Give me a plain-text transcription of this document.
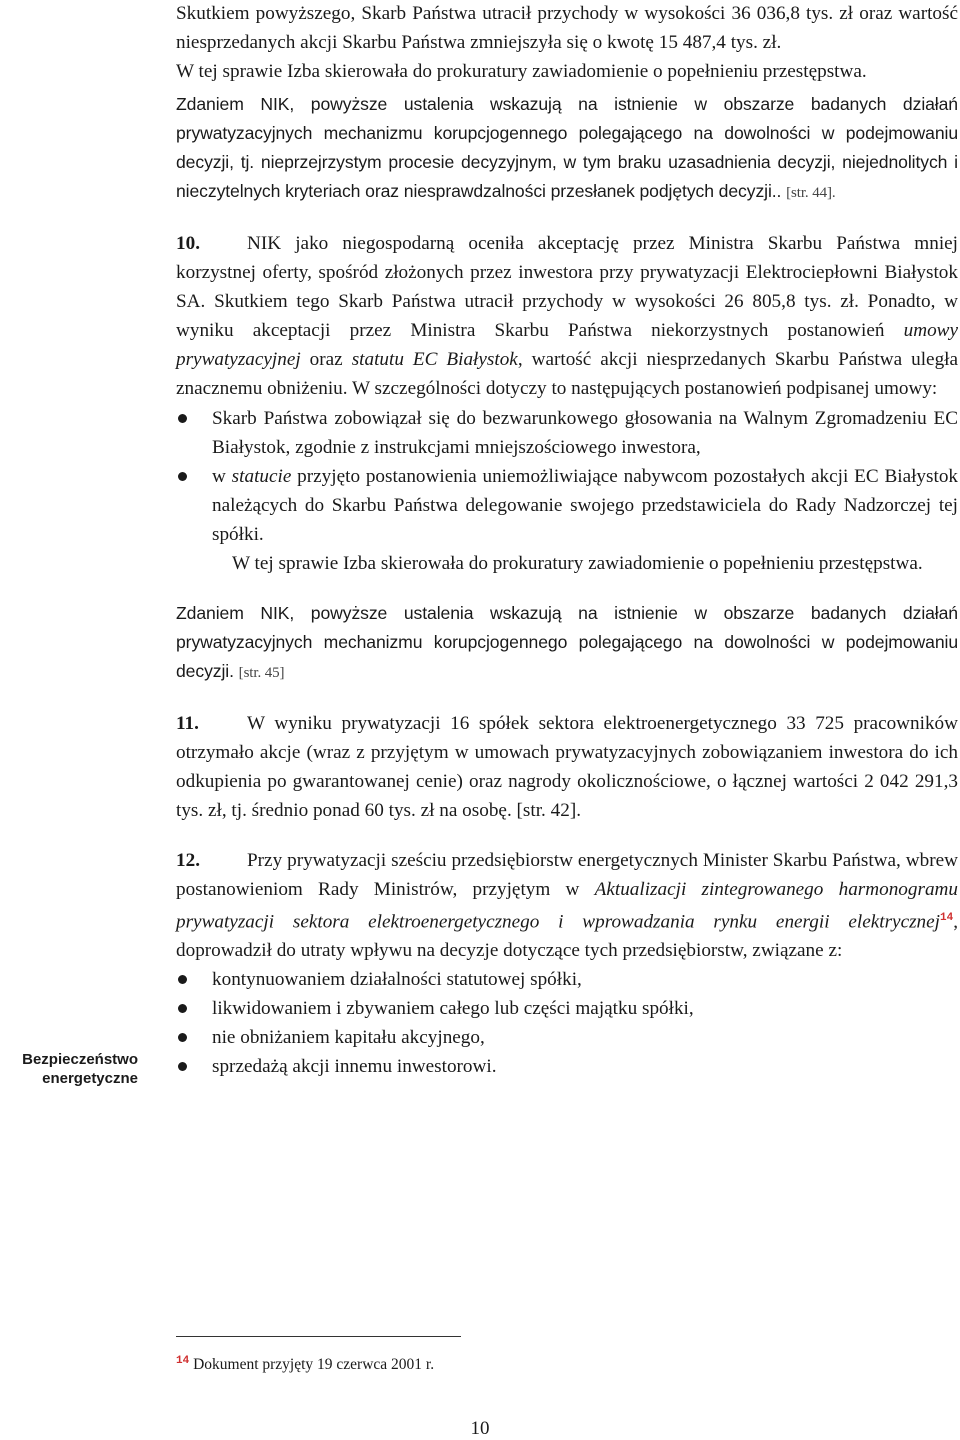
Skutkiem powyższego, Skarb Państwa utracił przychody w wysokości 36 036,8 tys. zł oraz wartość niesprzedanych akcji Skarbu Państwa zmniejszyła się o kwotę 15 487,4 tys. zł.

W tej sprawie Izba skierowała do prokuratury zawiadomienie o popełnieniu przestępstwa.

Zdaniem NIK, powyższe ustalenia wskazują na istnienie w obszarze badanych działań prywatyzacyjnych mechanizmu korupcjogennego polegającego na dowolności w podejmowaniu decyzji, tj. nieprzejrzystym procesie decyzyjnym, w tym braku uzasadnienia decyzji, niejednolitych i nieczytelnych kryteriach oraz niesprawdzalności przesłanek podjętych decyzji.. [str. 44].

10. NIK jako niegospodarną oceniła akceptację przez Ministra Skarbu Państwa mniej korzystnej oferty, spośród złożonych przez inwestora przy prywatyzacji Elektrociepłowni Białystok SA. Skutkiem tego Skarb Państwa utracił przychody w wysokości 26 805,8 tys. zł. Ponadto, w wyniku akceptacji przez Ministra Skarbu Państwa niekorzystnych postanowień umowy prywatyzacyjnej oraz statutu EC Białystok, wartość akcji niesprzedanych Skarbu Państwa uległa znacznemu obniżeniu. W szczególności dotyczy to następujących postanowień podpisanej umowy:

Skarb Państwa zobowiązał się do bezwarunkowego głosowania na Walnym Zgromadzeniu EC Białystok, zgodnie z instrukcjami mniejszościowego inwestora,
w statucie przyjęto postanowienia uniemożliwiające nabywcom pozostałych akcji EC Białystok należących do Skarbu Państwa delegowanie swojego przedstawiciela do Rady Nadzorczej tej spółki.

W tej sprawie Izba skierowała do prokuratury zawiadomienie o popełnieniu przestępstwa.

Zdaniem NIK, powyższe ustalenia wskazują na istnienie w obszarze badanych działań prywatyzacyjnych mechanizmu korupcjogennego polegającego na dowolności w podejmowaniu decyzji. [str. 45]

11.	W wyniku prywatyzacji 16 spółek sektora elektroenergetycznego 33 725 pracowników otrzymało akcje (wraz z przyjętym w umowach prywatyzacyjnych zobowiązaniem inwestora do ich odkupienia po gwarantowanej cenie) oraz nagrody okolicznościowe, o łącznej wartości 2 042 291,3 tys. zł, tj. średnio ponad 60 tys. zł na osobę. [str. 42].

12. Przy prywatyzacji sześciu przedsiębiorstw energetycznych Minister Skarbu Państwa, wbrew postanowieniom Rady Ministrów, przyjętym w Aktualizacji zintegrowanego harmonogramu prywatyzacji sektora elektroenergetycznego i wprowadzania rynku energii elektrycznej$^{14}$, doprowadził do utraty wpływu na decyzje dotyczące tych przedsiębiorstw, związane z:

kontynuowaniem działalności statutowej spółki,
likwidowaniem i zbywaniem całego lub części majątku spółki,
nie obniżaniem kapitału akcyjnego,
sprzedażą akcji innemu inwestorowi.
Bezpieczeństwo energetyczne
$^{14}$ Dokument przyjęty 19 czerwca 2001 r.
10
